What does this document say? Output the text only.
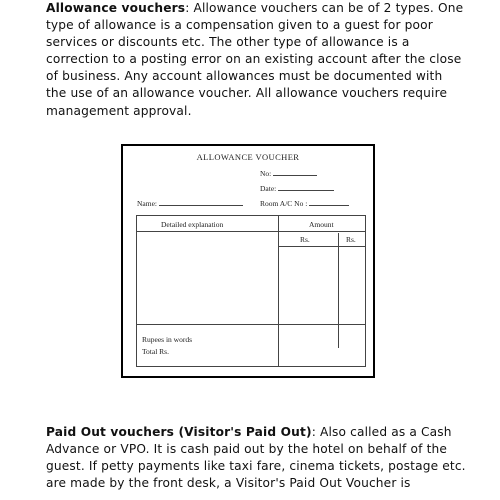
Allowance vouchers: Allowance vouchers can be of 2 types. One type of allowance is a compensation given to a guest for poor services or discounts etc. The other type of allowance is a correction to a posting error on an existing account after the close of business. Any account allowances must be documented with the use of an allowance voucher. All allowance vouchers require management approval.

ALLOWANCE VOUCHER
No:
Date:
Name:	Room A/C No :
Detailed explanation	Amount
Rs.	Rs.
Rupees in words
Total Rs.

Paid Out vouchers (Visitor's Paid Out): Also called as a Cash Advance or VPO. It is cash paid out by the hotel on behalf of the guest. If petty payments like taxi fare, cinema tickets, postage etc. are made by the front desk, a Visitor's Paid Out Voucher is
